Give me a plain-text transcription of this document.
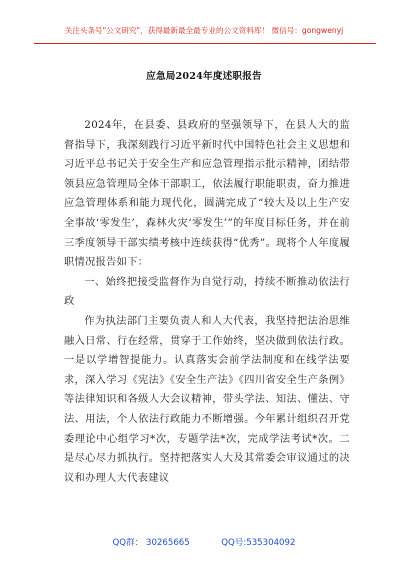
关注头条号"公文研究"，获得最新最全最专业的公文资料库！ 微信号：gongwenyj
应急局2024年度述职报告

2024年，在县委、县政府的坚强领导下，在县人大的监督指导下，我深刻践行习近平新时代中国特色社会主义思想和习近平总书记关于安全生产和应急管理指示批示精神，团结带领县应急管理局全体干部职工，依法履行职能职责，奋力推进应急管理体系和能力现代化，圆满完成了“较大及以上生产安全事故‘零发生’，森林火灾‘零发生’”的年度目标任务，并在前三季度领导干部实绩考核中连续获得“优秀”。现将个人年度履职情况报告如下：

一、始终把接受监督作为自觉行动，持续不断推动依法行政

作为执法部门主要负责人和人大代表，我坚持把法治思维融入日常、行在经常，贯穿于工作始终，坚决做到依法行政。一是以学增智提能力。认真落实会前学法制度和在线学法要求，深入学习《宪法》《安全生产法》《四川省安全生产条例》等法律知识和各级人大会议精神，带头学法、知法、懂法、守法、用法，个人依法行政能力不断增强。今年累计组织召开党委理论中心组学习*次，专题学法*次，完成学法考试*次。二是尽心尽力抓执行。坚持把落实人大及其常委会审议通过的决议和办理人大代表建议

QQ群： 30265665	QQ号:535304092
